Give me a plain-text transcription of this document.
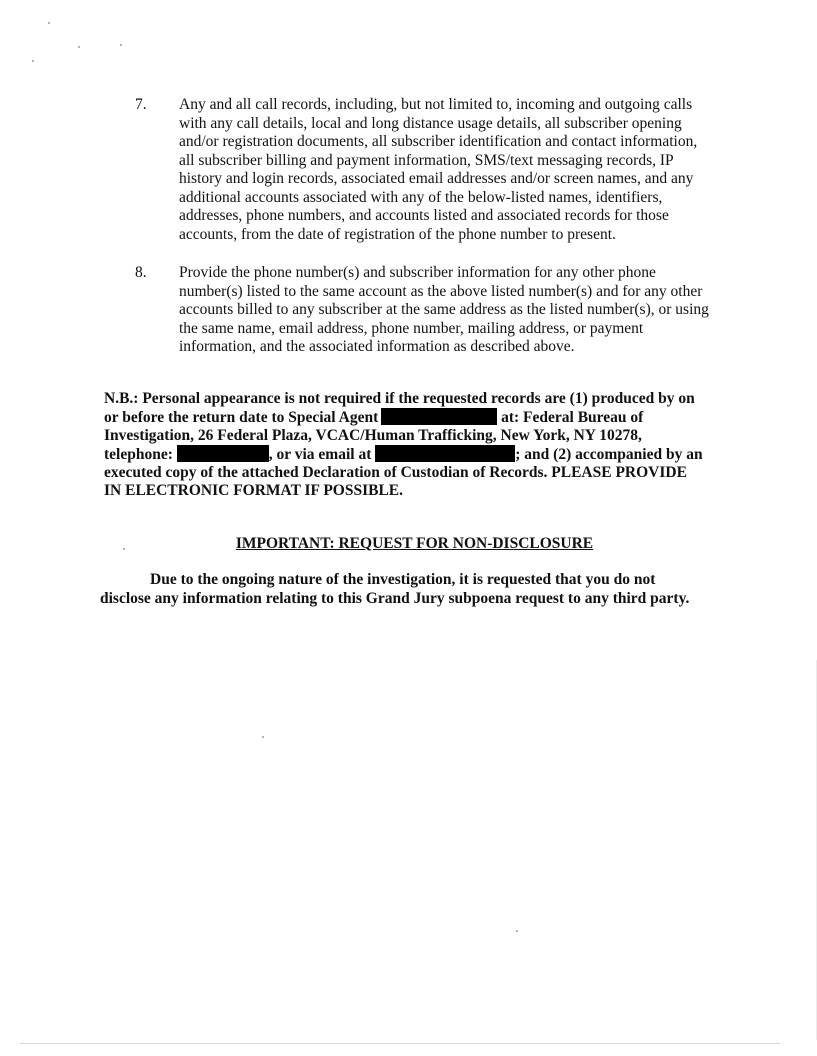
7. Any and all call records, including, but not limited to, incoming and outgoing calls
with any call details, local and long distance usage details, all subscriber opening
and/or registration documents, all subscriber identification and contact information,
all subscriber billing and payment information, SMS/text messaging records, IP
history and login records, associated email addresses and/or screen names, and any
additional accounts associated with any of the below-listed names, identifiers,
addresses, phone numbers, and accounts listed and associated records for those
accounts, from the date of registration of the phone number to present.
8. Provide the phone number(s) and subscriber information for any other phone
number(s) listed to the same account as the above listed number(s) and for any other
accounts billed to any subscriber at the same address as the listed number(s), or using
the same name, email address, phone number, mailing address, or payment
information, and the associated information as described above.
N.B.: Personal appearance is not required if the requested records are (1) produced by on
or before the return date to Special Agent	at: Federal Bureau of
Investigation, 26 Federal Plaza, VCAC/Human Trafficking, New York, NY 10278,
telephone:	, or via email at	; and (2) accompanied by an
executed copy of the attached Declaration of Custodian of Records. PLEASE PROVIDE
IN ELECTRONIC FORMAT IF POSSIBLE.
IMPORTANT: REQUEST FOR NON-DISCLOSURE
Due to the ongoing nature of the investigation, it is requested that you do not
disclose any information relating to this Grand Jury subpoena request to any third party.
